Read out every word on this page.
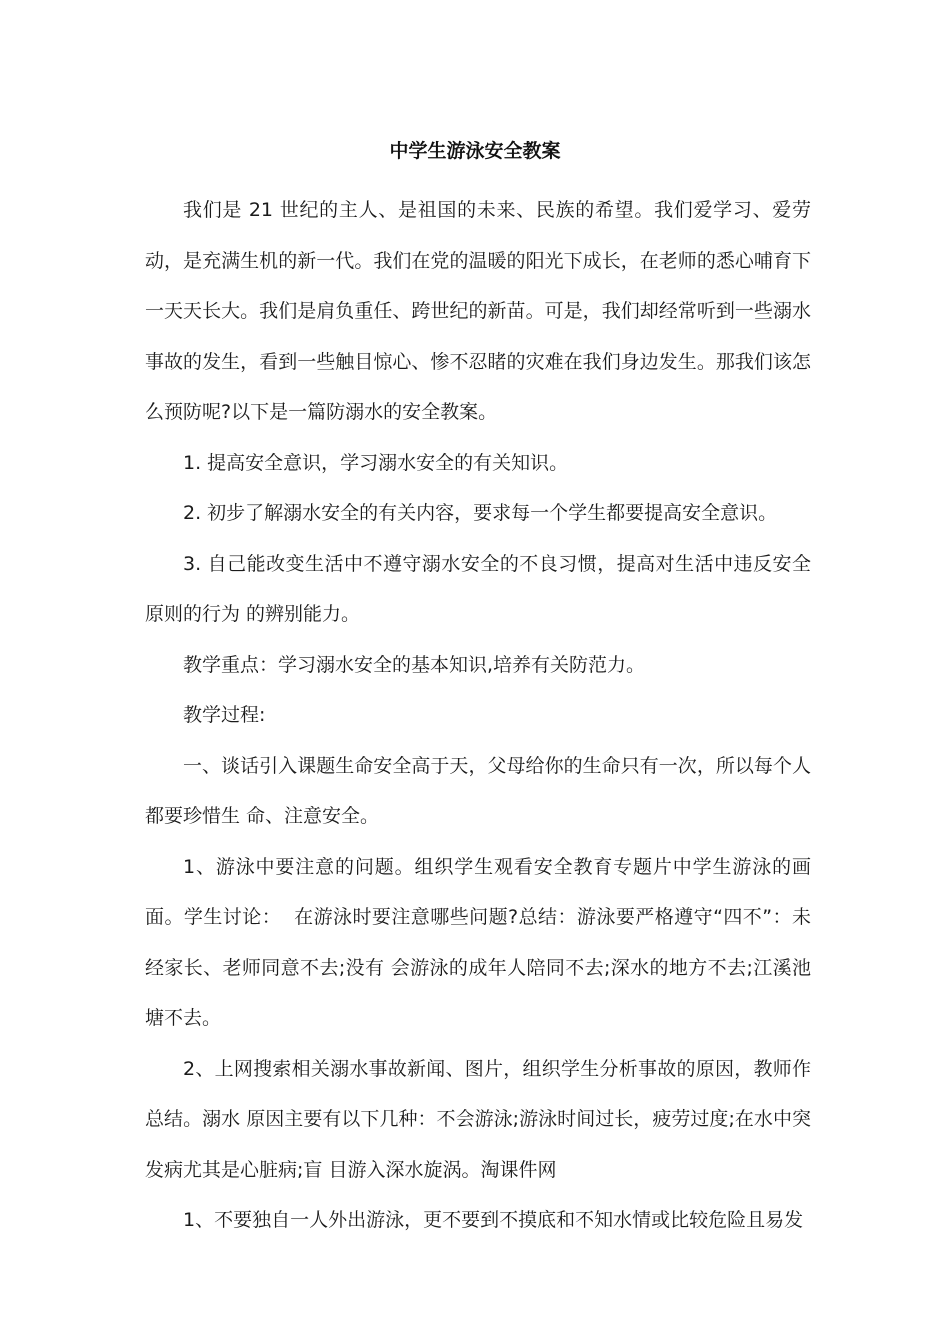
中学生游泳安全教案

我们是 21 世纪的主人、是祖国的未来、民族的希望。我们爱学习、爱劳动，是充满生机的新一代。我们在党的温暖的阳光下成长，在老师的悉心哺育下一天天长大。我们是肩负重任、跨世纪的新苗。可是，我们却经常听到一些溺水事故的发生，看到一些触目惊心、惨不忍睹的灾难在我们身边发生。那我们该怎么预防呢?以下是一篇防溺水的安全教案。

1. 提高安全意识，学习溺水安全的有关知识。

2. 初步了解溺水安全的有关内容，要求每一个学生都要提高安全意识。

3. 自己能改变生活中不遵守溺水安全的不良习惯，提高对生活中违反安全原则的行为 的辨别能力。

教学重点：学习溺水安全的基本知识,培养有关防范力。

教学过程:

一、谈话引入课题生命安全高于天，父母给你的生命只有一次，所以每个人都要珍惜生 命、注意安全。

1、游泳中要注意的问题。组织学生观看安全教育专题片中学生游泳的画面。学生讨论：  在游泳时要注意哪些问题?总结：游泳要严格遵守“四不”：未经家长、老师同意不去;没有 会游泳的成年人陪同不去;深水的地方不去;江溪池塘不去。

2、上网搜索相关溺水事故新闻、图片，组织学生分析事故的原因，教师作总结。溺水 原因主要有以下几种：不会游泳;游泳时间过长，疲劳过度;在水中突发病尤其是心脏病;盲 目游入深水旋涡。淘课件网

1、不要独自一人外出游泳，更不要到不摸底和不知水情或比较危险且易发
